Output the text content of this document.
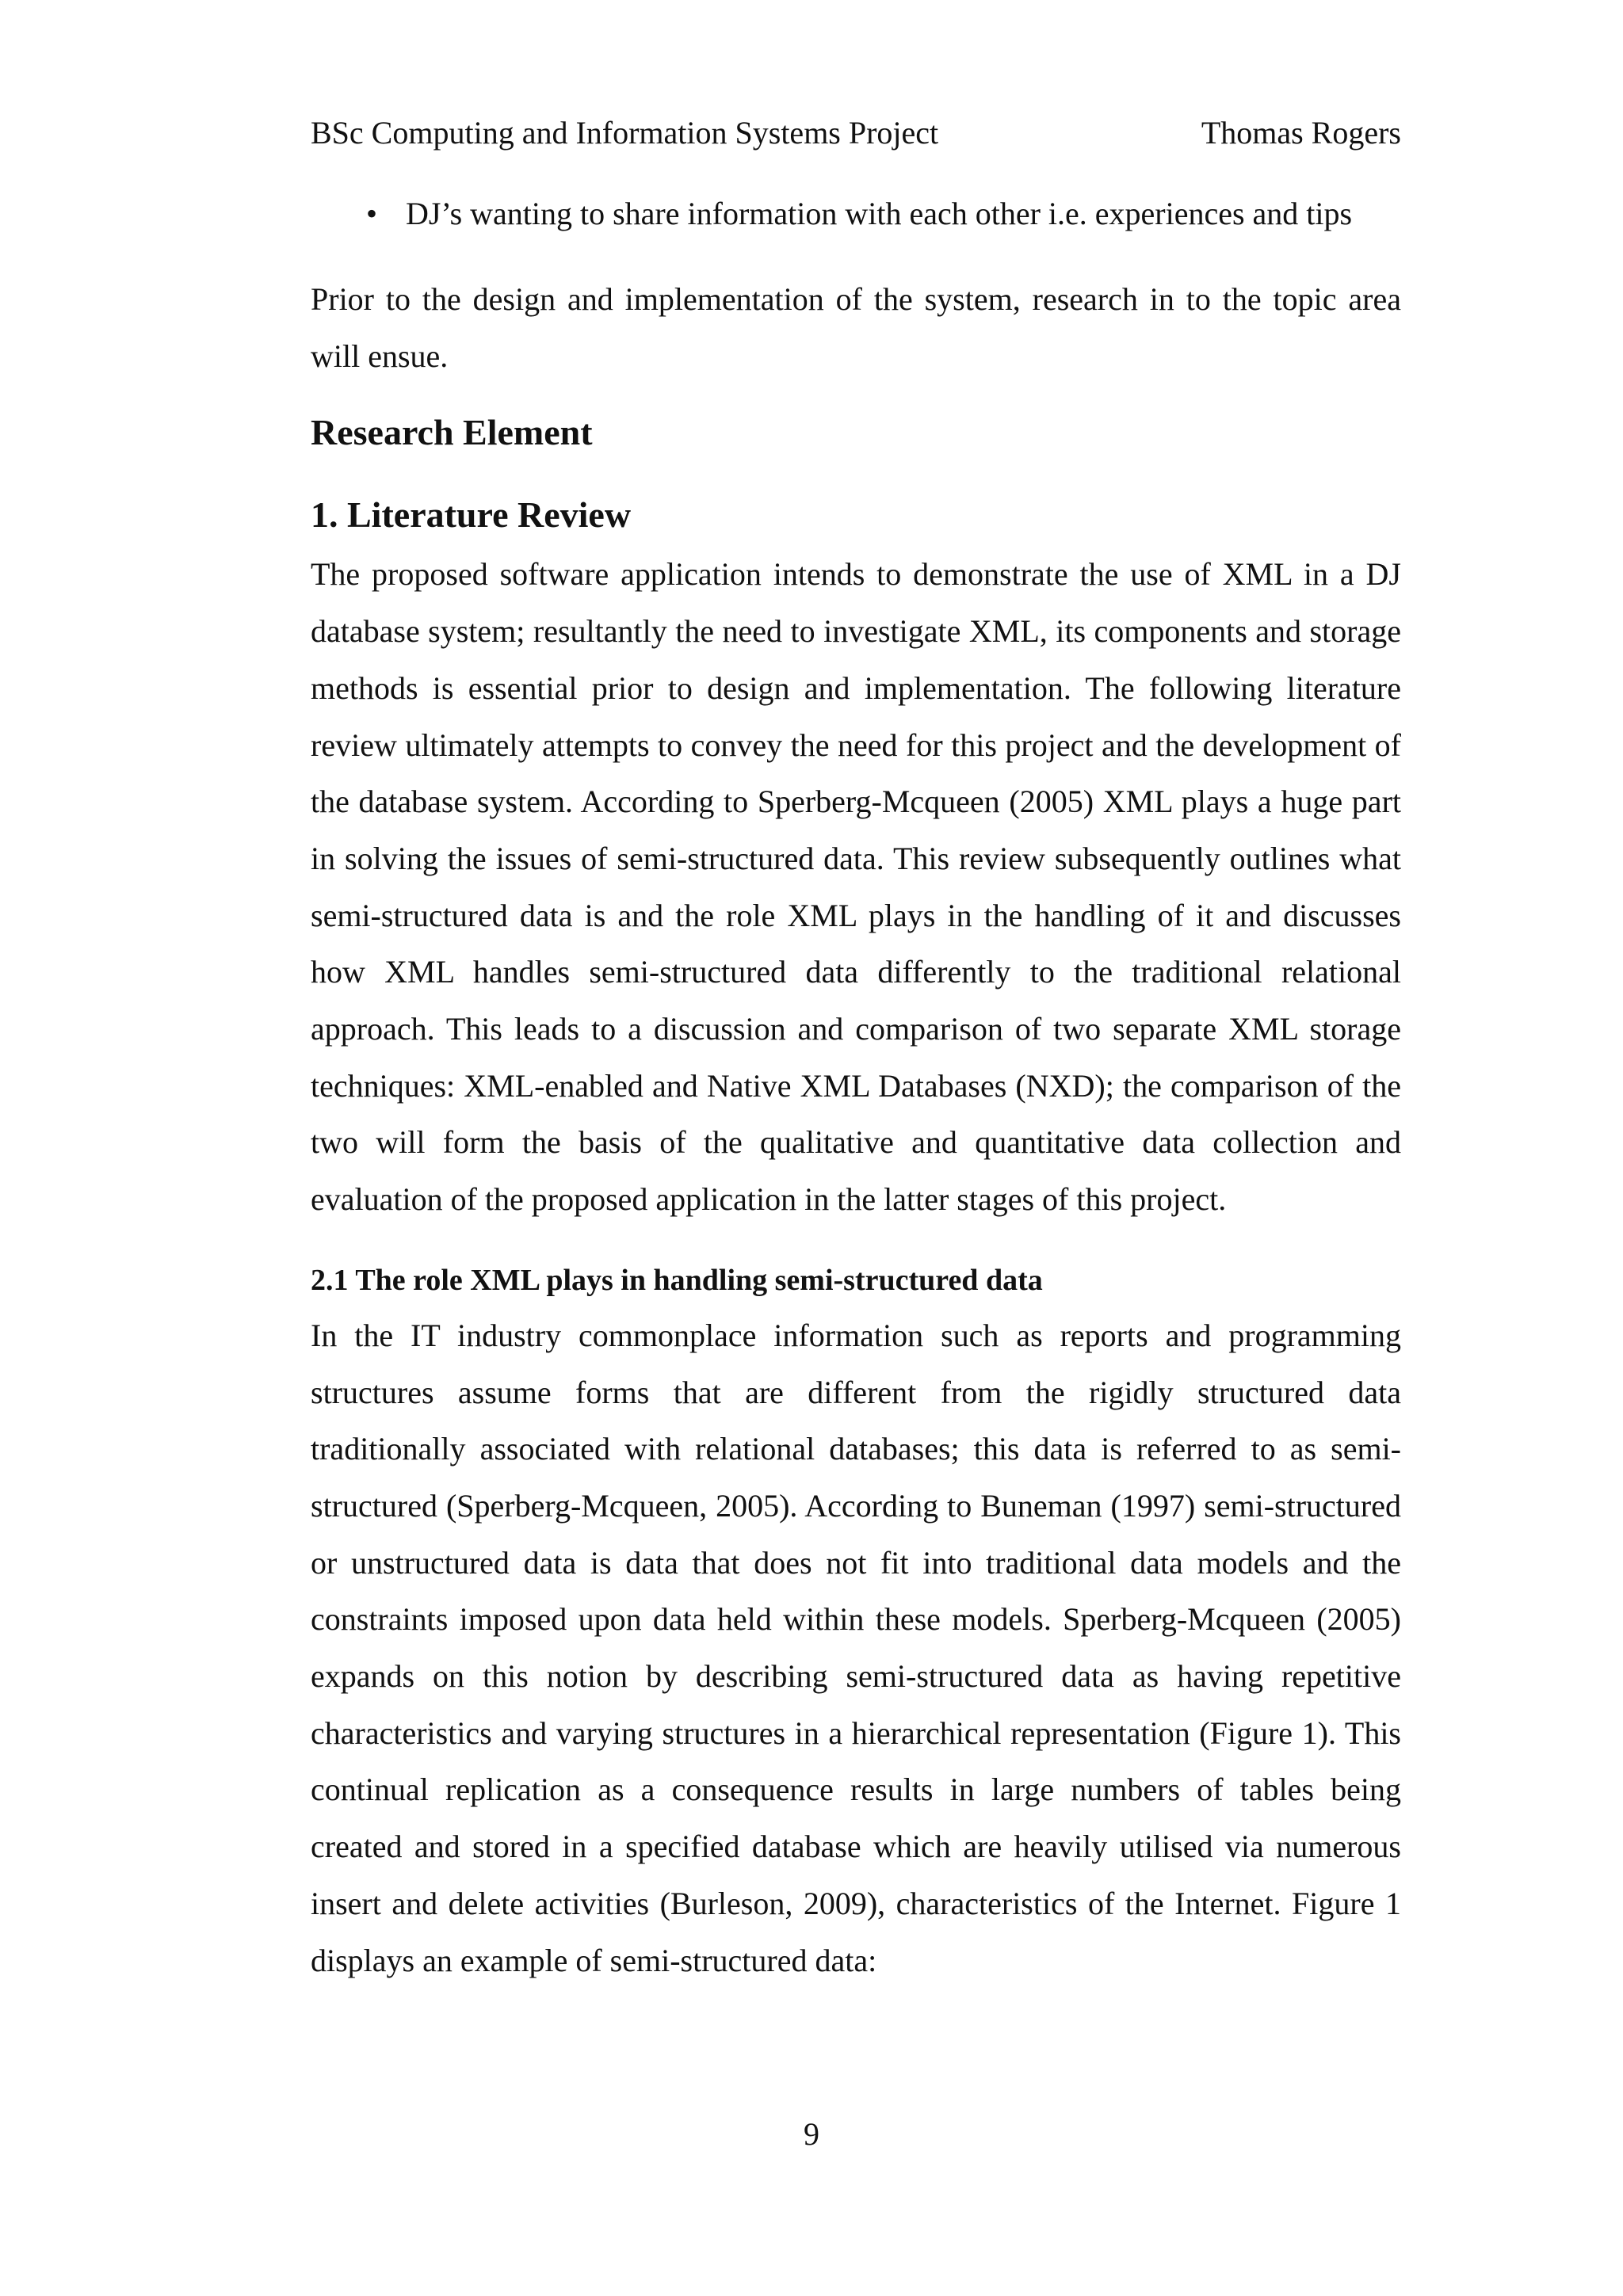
BSc Computing and Information Systems Project	Thomas Rogers
• DJ’s wanting to share information with each other i.e. experiences and tips

Prior to the design and implementation of the system, research in to the topic area will ensue.

Research Element
1. Literature Review

The proposed software application intends to demonstrate the use of XML in a DJ database system; resultantly the need to investigate XML, its components and storage methods is essential prior to design and implementation. The following literature review ultimately attempts to convey the need for this project and the development of the database system. According to Sperberg-Mcqueen (2005) XML plays a huge part in solving the issues of semi-structured data. This review subsequently outlines what semi-structured data is and the role XML plays in the handling of it and discusses how XML handles semi-structured data differently to the traditional relational approach. This leads to a discussion and comparison of two separate XML storage techniques: XML-enabled and Native XML Databases (NXD); the comparison of the two will form the basis of the qualitative and quantitative data collection and evaluation of the proposed application in the latter stages of this project.

2.1 The role XML plays in handling semi-structured data

In the IT industry commonplace information such as reports and programming structures assume forms that are different from the rigidly structured data traditionally associated with relational databases; this data is referred to as semi-structured (Sperberg-Mcqueen, 2005). According to Buneman (1997) semi-structured or unstructured data is data that does not fit into traditional data models and the constraints imposed upon data held within these models. Sperberg-Mcqueen (2005) expands on this notion by describing semi-structured data as having repetitive characteristics and varying structures in a hierarchical representation (Figure 1). This continual replication as a consequence results in large numbers of tables being created and stored in a specified database which are heavily utilised via numerous insert and delete activities (Burleson, 2009), characteristics of the Internet. Figure 1 displays an example of semi-structured data:

9
